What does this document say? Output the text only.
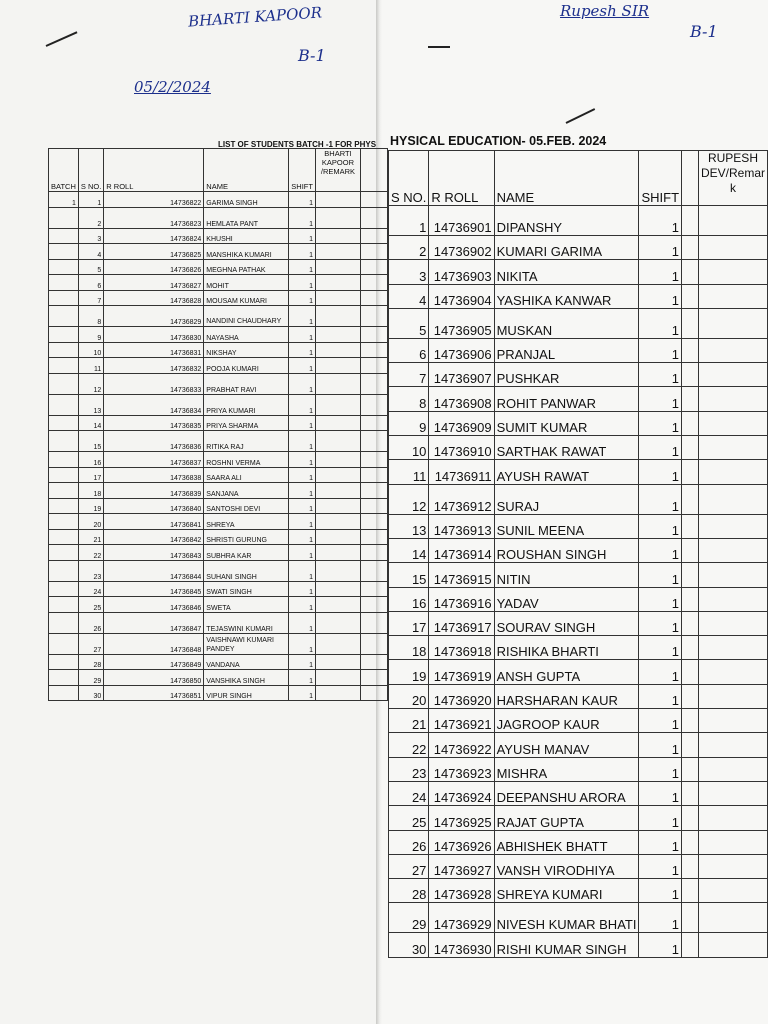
BHARTI KAPOOR
B-1
05/2/2024
Rupesh SIR
B-1
LIST OF STUDENTS BATCH -1 FOR PHYS HYSICAL EDUCATION- 05.FEB. 2024
BATCH	S NO.	R ROLL	NAME	SHIFT	BHARTI KAPOOR /REMARK	
1	1	14736822	GARIMA SINGH	1		
	2	14736823	HEMLATA PANT	1		
	3	14736824	KHUSHI	1		
	4	14736825	MANSHIKA KUMARI	1		
	5	14736826	MEGHNA PATHAK	1		
	6	14736827	MOHIT	1		
	7	14736828	MOUSAM KUMARI	1		
	8	14736829	NANDINI CHAUDHARY	1		
	9	14736830	NAYASHA	1		
	10	14736831	NIKSHAY	1		
	11	14736832	POOJA KUMARI	1		
	12	14736833	PRABHAT RAVI	1		
	13	14736834	PRIYA KUMARI	1		
	14	14736835	PRIYA SHARMA	1		
	15	14736836	RITIKA RAJ	1		
	16	14736837	ROSHNI VERMA	1		
	17	14736838	SAARA ALI	1		
	18	14736839	SANJANA	1		
	19	14736840	SANTOSHI DEVI	1		
	20	14736841	SHREYA	1		
	21	14736842	SHRISTI GURUNG	1		
	22	14736843	SUBHRA KAR	1		
	23	14736844	SUHANI SINGH	1		
	24	14736845	SWATI SINGH	1		
	25	14736846	SWETA	1		
	26	14736847	TEJASWINI KUMARI	1		
	27	14736848	VAISHNAWI KUMARI PANDEY	1		
	28	14736849	VANDANA	1		
	29	14736850	VANSHIKA SINGH	1		
	30	14736851	VIPUR SINGH	1		
S NO.	R ROLL	NAME	SHIFT		RUPESH DEV/Remar k
1	14736901	DIPANSHY	1		
2	14736902	KUMARI GARIMA	1		
3	14736903	NIKITA	1		
4	14736904	YASHIKA KANWAR	1		
5	14736905	MUSKAN	1		
6	14736906	PRANJAL	1		
7	14736907	PUSHKAR	1		
8	14736908	ROHIT PANWAR	1		
9	14736909	SUMIT KUMAR	1		
10	14736910	SARTHAK RAWAT	1		
11	14736911	AYUSH RAWAT	1		
12	14736912	SURAJ	1		
13	14736913	SUNIL MEENA	1		
14	14736914	ROUSHAN SINGH	1		
15	14736915	NITIN	1		
16	14736916	YADAV	1		
17	14736917	SOURAV SINGH	1		
18	14736918	RISHIKA BHARTI	1		
19	14736919	ANSH GUPTA	1		
20	14736920	HARSHARAN KAUR	1		
21	14736921	JAGROOP KAUR	1		
22	14736922	AYUSH MANAV	1		
23	14736923	MISHRA	1		
24	14736924	DEEPANSHU ARORA	1		
25	14736925	RAJAT GUPTA	1		
26	14736926	ABHISHEK BHATT	1		
27	14736927	VANSH VIRODHIYA	1		
28	14736928	SHREYA KUMARI	1		
29	14736929	NIVESH KUMAR BHATI	1		
30	14736930	RISHI KUMAR SINGH	1		
